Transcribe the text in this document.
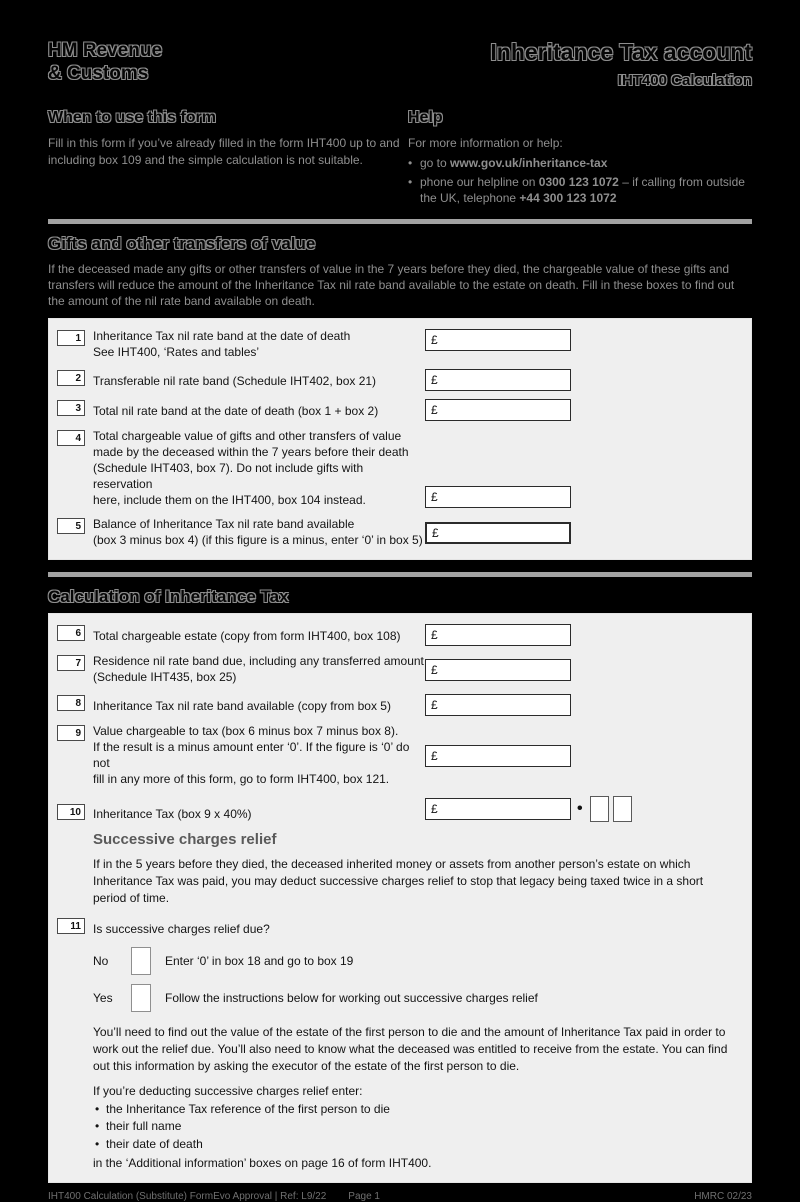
HM Revenue
& Customs
Inheritance Tax account
IHT400 Calculation
When to use this form
Fill in this form if you’ve already filled in the form IHT400 up to and including box 109 and the simple calculation is not suitable.
Help
For more information or help:
• go to www.gov.uk/inheritance-tax
• phone our helpline on 0300 123 1072 – if calling from outside the UK, telephone +44 300 123 1072
Gifts and other transfers of value
If the deceased made any gifts or other transfers of value in the 7 years before they died, the chargeable value of these gifts and transfers will reduce the amount of the Inheritance Tax nil rate band available to the estate on death. Fill in these boxes to find out the amount of the nil rate band available on death.
1	Inheritance Tax nil rate band at the date of death
See IHT400, ‘Rates and tables’
£
2	Transferable nil rate band (Schedule IHT402, box 21)	£
3	Total nil rate band at the date of death (box 1 + box 2)	£
4	Total chargeable value of gifts and other transfers of value
made by the deceased within the 7 years before their death
(Schedule IHT403, box 7). Do not include gifts with reservation
here, include them on the IHT400, box 104 instead.	£
5	Balance of Inheritance Tax nil rate band available
(box 3 minus box 4) (if this figure is a minus, enter ‘0’ in box 5) £
Calculation of Inheritance Tax
6	Total chargeable estate (copy from form IHT400, box 108)	£
7	Residence nil rate band due, including any transferred amount
(Schedule IHT435, box 25)	£
8	Inheritance Tax nil rate band available (copy from box 5)	£
9	Value chargeable to tax (box 6 minus box 7 minus box 8).
If the result is a minus amount enter ‘0’. If the figure is ‘0’ do not
fill in any more of this form, go to form IHT400, box 121.
£
10	Inheritance Tax (box 9 x 40%)	£	•
Successive charges relief
If in the 5 years before they died, the deceased inherited money or assets from another person’s estate on which Inheritance Tax was paid, you may deduct successive charges relief to stop that legacy being taxed twice in a short period of time.
11	Is successive charges relief due?
No	Enter ‘0’ in box 18 and go to box 19
Yes	Follow the instructions below for working out successive charges relief
You’ll need to find out the value of the estate of the first person to die and the amount of Inheritance Tax paid in order to work out the relief due. You’ll also need to know what the deceased was entitled to receive from the estate. You can find out this information by asking the executor of the estate of the first person to die.
If you’re deducting successive charges relief enter:
• the Inheritance Tax reference of the first person to die
• their full name
• their date of death
in the ‘Additional information’ boxes on page 16 of form IHT400.
IHT400 Calculation (Substitute) FormEvo Approval | Ref: L9/22 Page 1	HMRC 02/23
